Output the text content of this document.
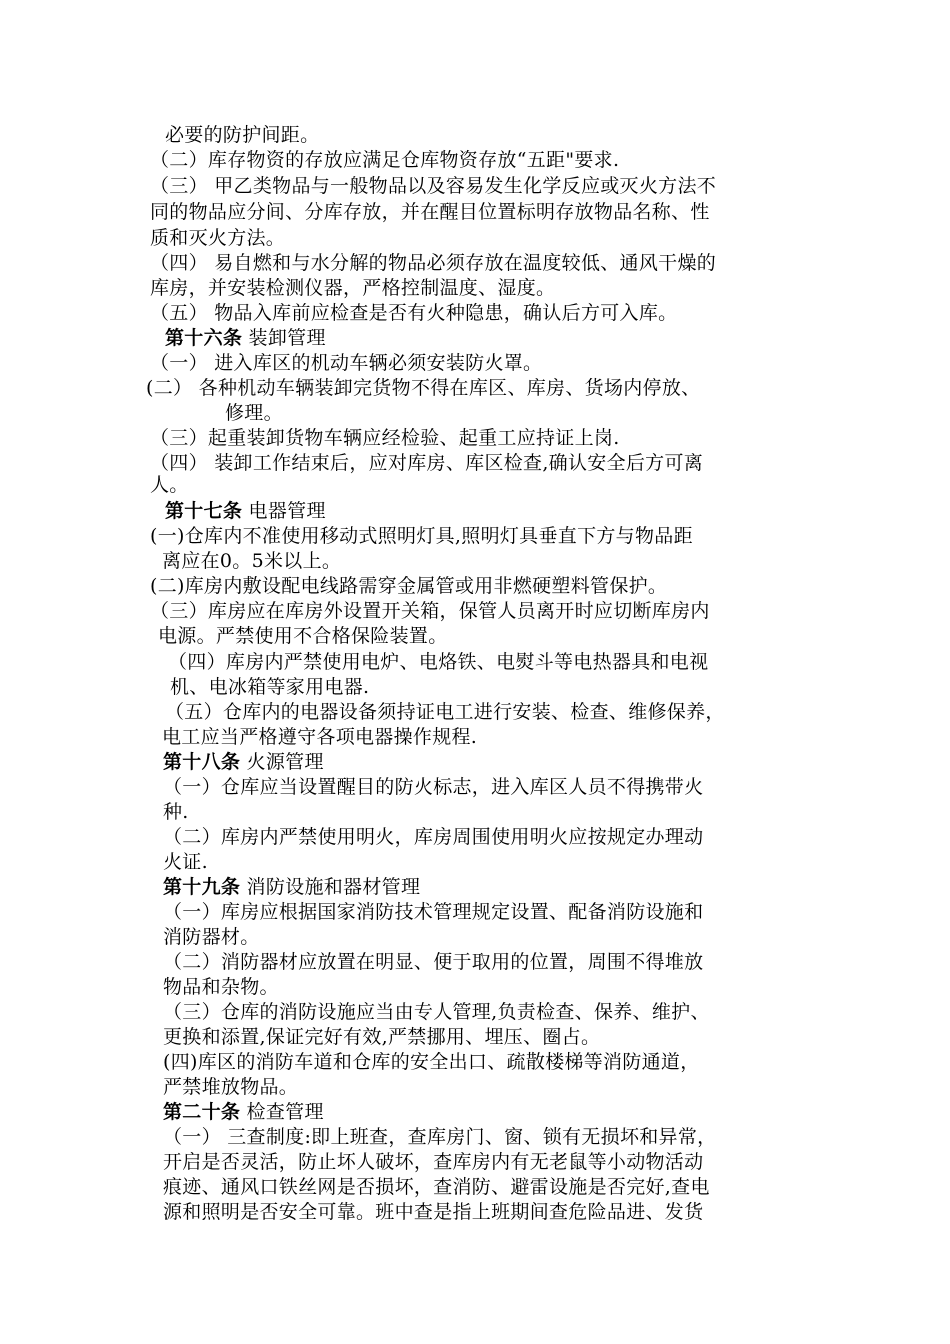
必要的防护间距。
（二）库存物资的存放应满足仓库物资存放“五距"要求.
（三） 甲乙类物品与一般物品以及容易发生化学反应或灭火方法不
同的物品应分间、分库存放，并在醒目位置标明存放物品名称、性
质和灭火方法。
（四） 易自燃和与水分解的物品必须存放在温度较低、通风干燥的
库房，并安装检测仪器，严格控制温度、湿度。
（五） 物品入库前应检查是否有火种隐患，确认后方可入库。
第十六条 装卸管理
（一） 进入库区的机动车辆必须安装防火罩。
(二） 各种机动车辆装卸完货物不得在库区、库房、货场内停放、
修理。
（三）起重装卸货物车辆应经检验、起重工应持证上岗.
（四） 装卸工作结束后，应对库房、库区检查,确认安全后方可离
人。
第十七条 电器管理
(一)仓库内不准使用移动式照明灯具,照明灯具垂直下方与物品距
离应在0。5米以上。
(二)库房内敷设配电线路需穿金属管或用非燃硬塑料管保护。
（三）库房应在库房外设置开关箱，保管人员离开时应切断库房内
电源。严禁使用不合格保险装置。
（四）库房内严禁使用电炉、电烙铁、电熨斗等电热器具和电视
机、电冰箱等家用电器.
（五）仓库内的电器设备须持证电工进行安装、检查、维修保养，
电工应当严格遵守各项电器操作规程.
第十八条 火源管理
（一）仓库应当设置醒目的防火标志，进入库区人员不得携带火
种.
（二）库房内严禁使用明火，库房周围使用明火应按规定办理动
火证.
第十九条 消防设施和器材管理
（一）库房应根据国家消防技术管理规定设置、配备消防设施和
消防器材。
（二）消防器材应放置在明显、便于取用的位置，周围不得堆放
物品和杂物。
（三）仓库的消防设施应当由专人管理,负责检查、保养、维护、
更换和添置,保证完好有效,严禁挪用、埋压、圈占。
(四)库区的消防车道和仓库的安全出口、疏散楼梯等消防通道，
严禁堆放物品。
第二十条 检查管理
（一） 三查制度:即上班查，查库房门、窗、锁有无损坏和异常，
开启是否灵活，防止坏人破坏，查库房内有无老鼠等小动物活动
痕迹、通风口铁丝网是否损坏，查消防、避雷设施是否完好,查电
源和照明是否安全可靠。班中查是指上班期间查危险品进、发货
